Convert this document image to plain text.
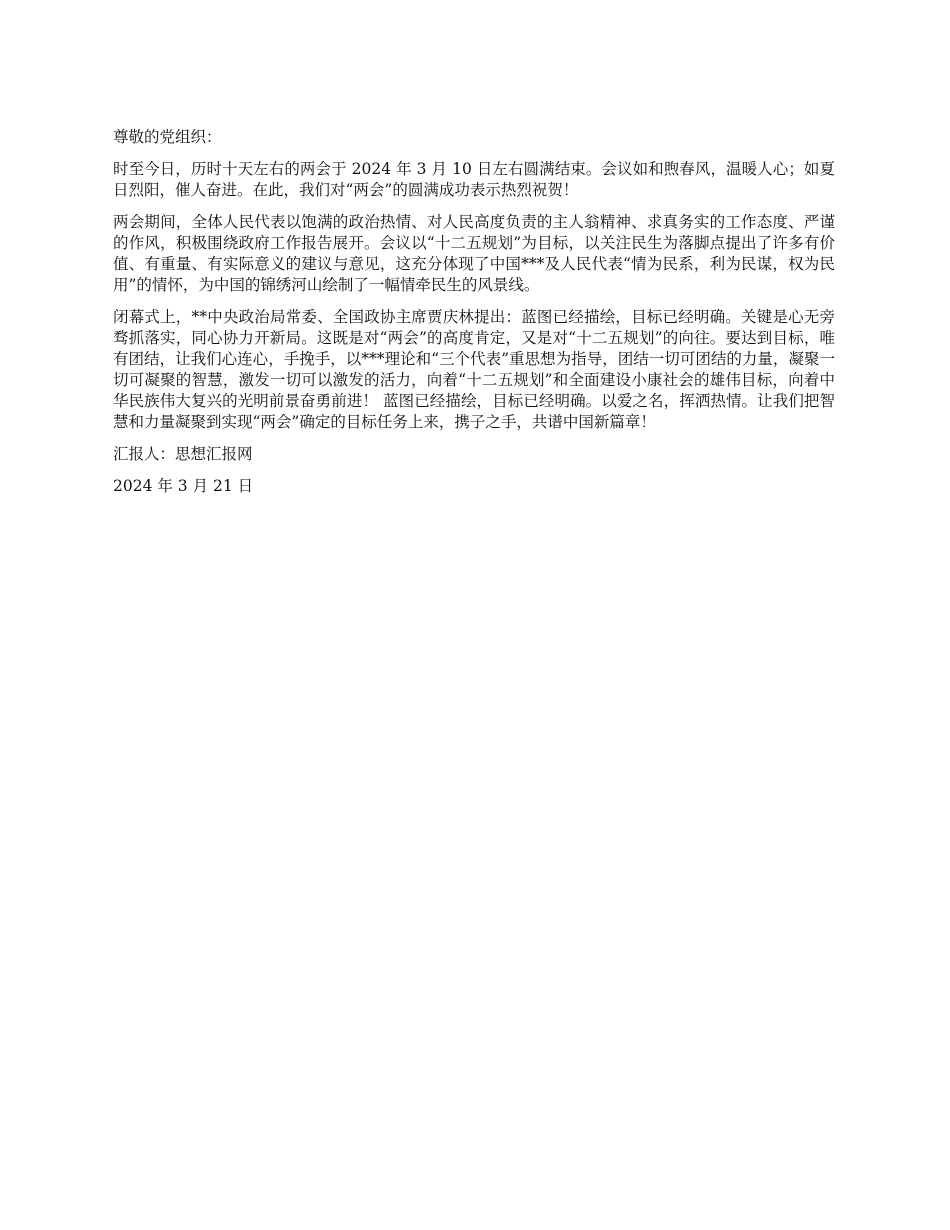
尊敬的党组织：

时至今日，历时十天左右的两会于 2024 年 3 月 10 日左右圆满结束。会议如和煦春风，温暖人心；如夏日烈阳，催人奋进。在此，我们对“两会”的圆满成功表示热烈祝贺！

两会期间，全体人民代表以饱满的政治热情、对人民高度负责的主人翁精神、求真务实的工作态度、严谨的作风，积极围绕政府工作报告展开。会议以“十二五规划”为目标，以关注民生为落脚点提出了许多有价值、有重量、有实际意义的建议与意见，这充分体现了中国***及人民代表“情为民系，利为民谋，权为民用”的情怀，为中国的锦绣河山绘制了一幅情牵民生的风景线。

闭幕式上，**中央政治局常委、全国政协主席贾庆林提出：蓝图已经描绘，目标已经明确。关键是心无旁骛抓落实，同心协力开新局。这既是对“两会”的高度肯定，又是对“十二五规划”的向往。要达到目标，唯有团结，让我们心连心，手挽手，以***理论和“三个代表”重思想为指导，团结一切可团结的力量，凝聚一切可凝聚的智慧，激发一切可以激发的活力，向着“十二五规划”和全面建设小康社会的雄伟目标，向着中华民族伟大复兴的光明前景奋勇前进！ 蓝图已经描绘，目标已经明确。以爱之名，挥洒热情。让我们把智慧和力量凝聚到实现“两会”确定的目标任务上来，携子之手，共谱中国新篇章！

汇报人：思想汇报网

2024 年 3 月 21 日
